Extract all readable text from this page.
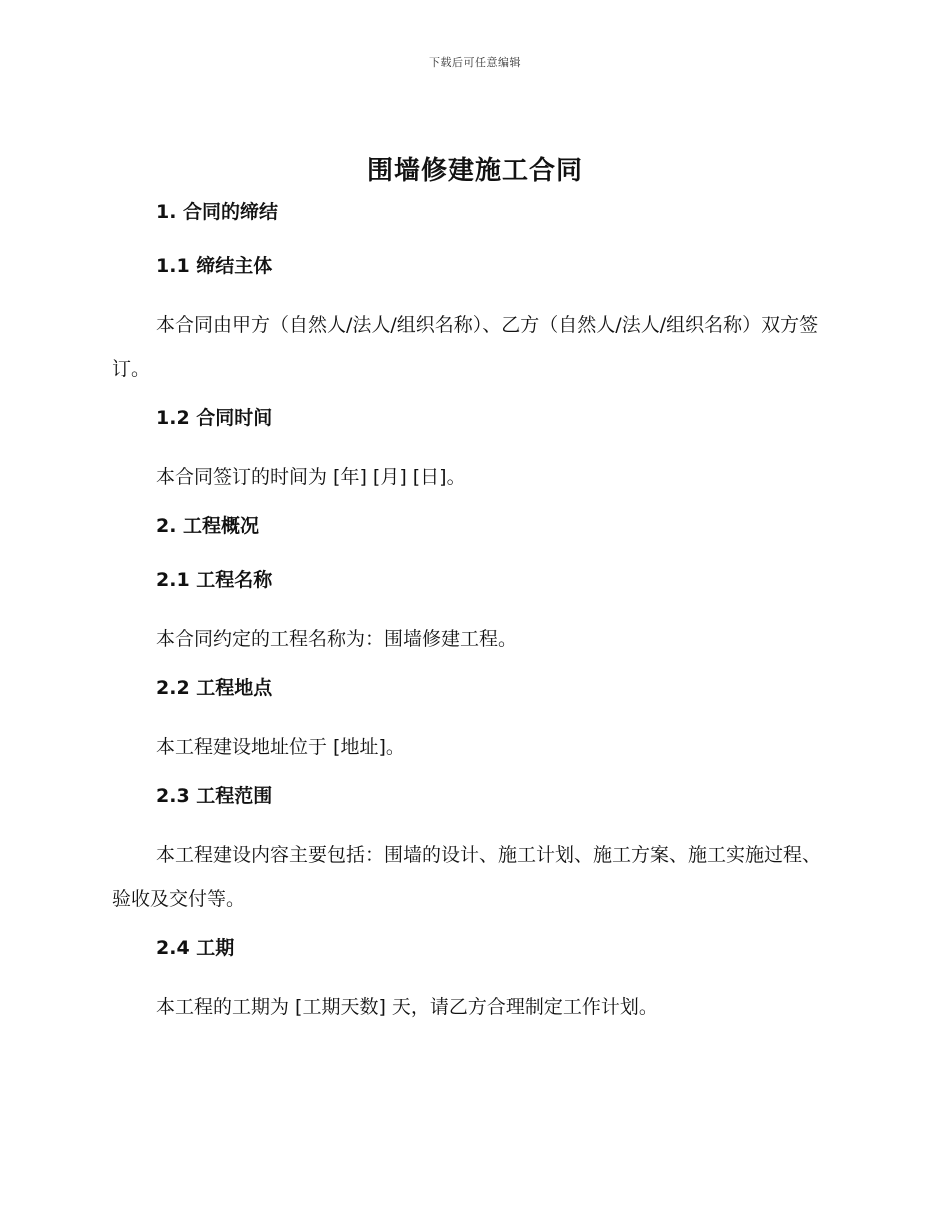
下载后可任意编辑
围墙修建施工合同
1. 合同的缔结
1.1 缔结主体

本合同由甲方（自然人/法人/组织名称）、乙方（自然人/法人/组织名称）双方签订。

1.2 合同时间

本合同签订的时间为 [年] [月] [日]。

2. 工程概况
2.1 工程名称

本合同约定的工程名称为：围墙修建工程。

2.2 工程地点

本工程建设地址位于 [地址]。

2.3 工程范围

本工程建设内容主要包括：围墙的设计、施工计划、施工方案、施工实施过程、验收及交付等。

2.4 工期

本工程的工期为 [工期天数] 天，请乙方合理制定工作计划。
